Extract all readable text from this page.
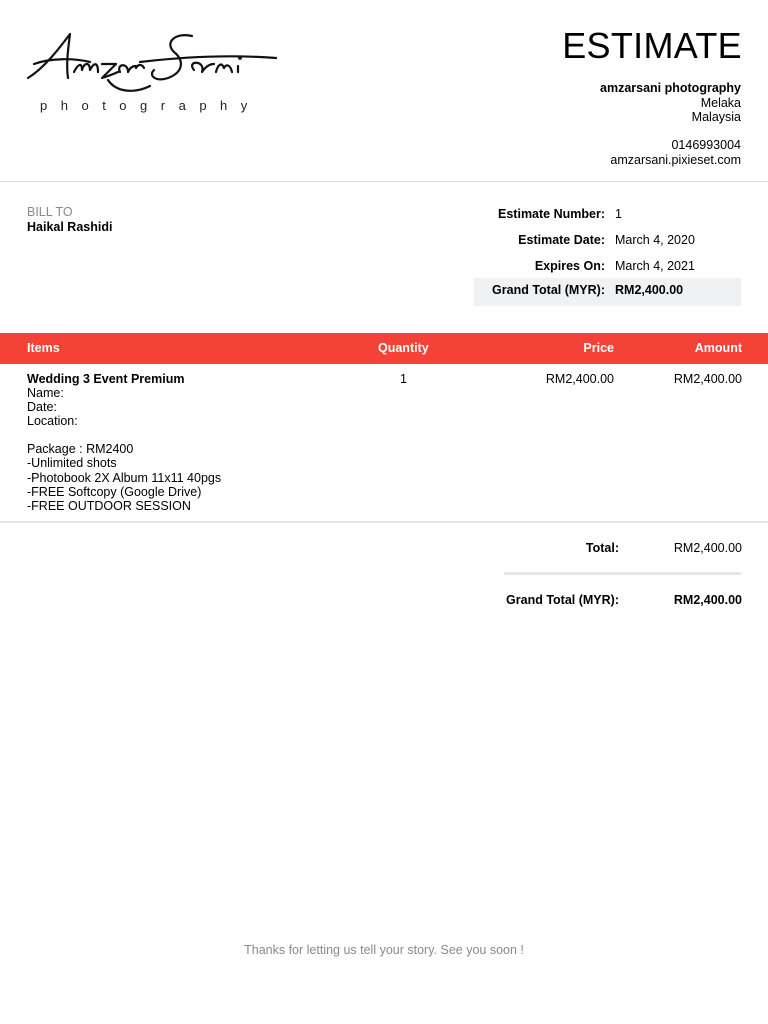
photography
ESTIMATE
amzarsani photography
Melaka
Malaysia
0146993004
amzarsani.pixieset.com
BILL TO
Haikal Rashidi
Estimate Number: 1
Estimate Date: March 4, 2020
Expires On: March 4, 2021
Grand Total (MYR): RM2,400.00
Items	Quantity	Price	Amount
Wedding 3 Event Premium
Name:
Date:
Location:

Package : RM2400
-Unlimited shots
-Photobook 2X Album 11x11 40pgs
-FREE Softcopy (Google Drive)
-FREE OUTDOOR SESSION
1	RM2,400.00	RM2,400.00
Total:	RM2,400.00
Grand Total (MYR):	RM2,400.00
Thanks for letting us tell your story. See you soon !
